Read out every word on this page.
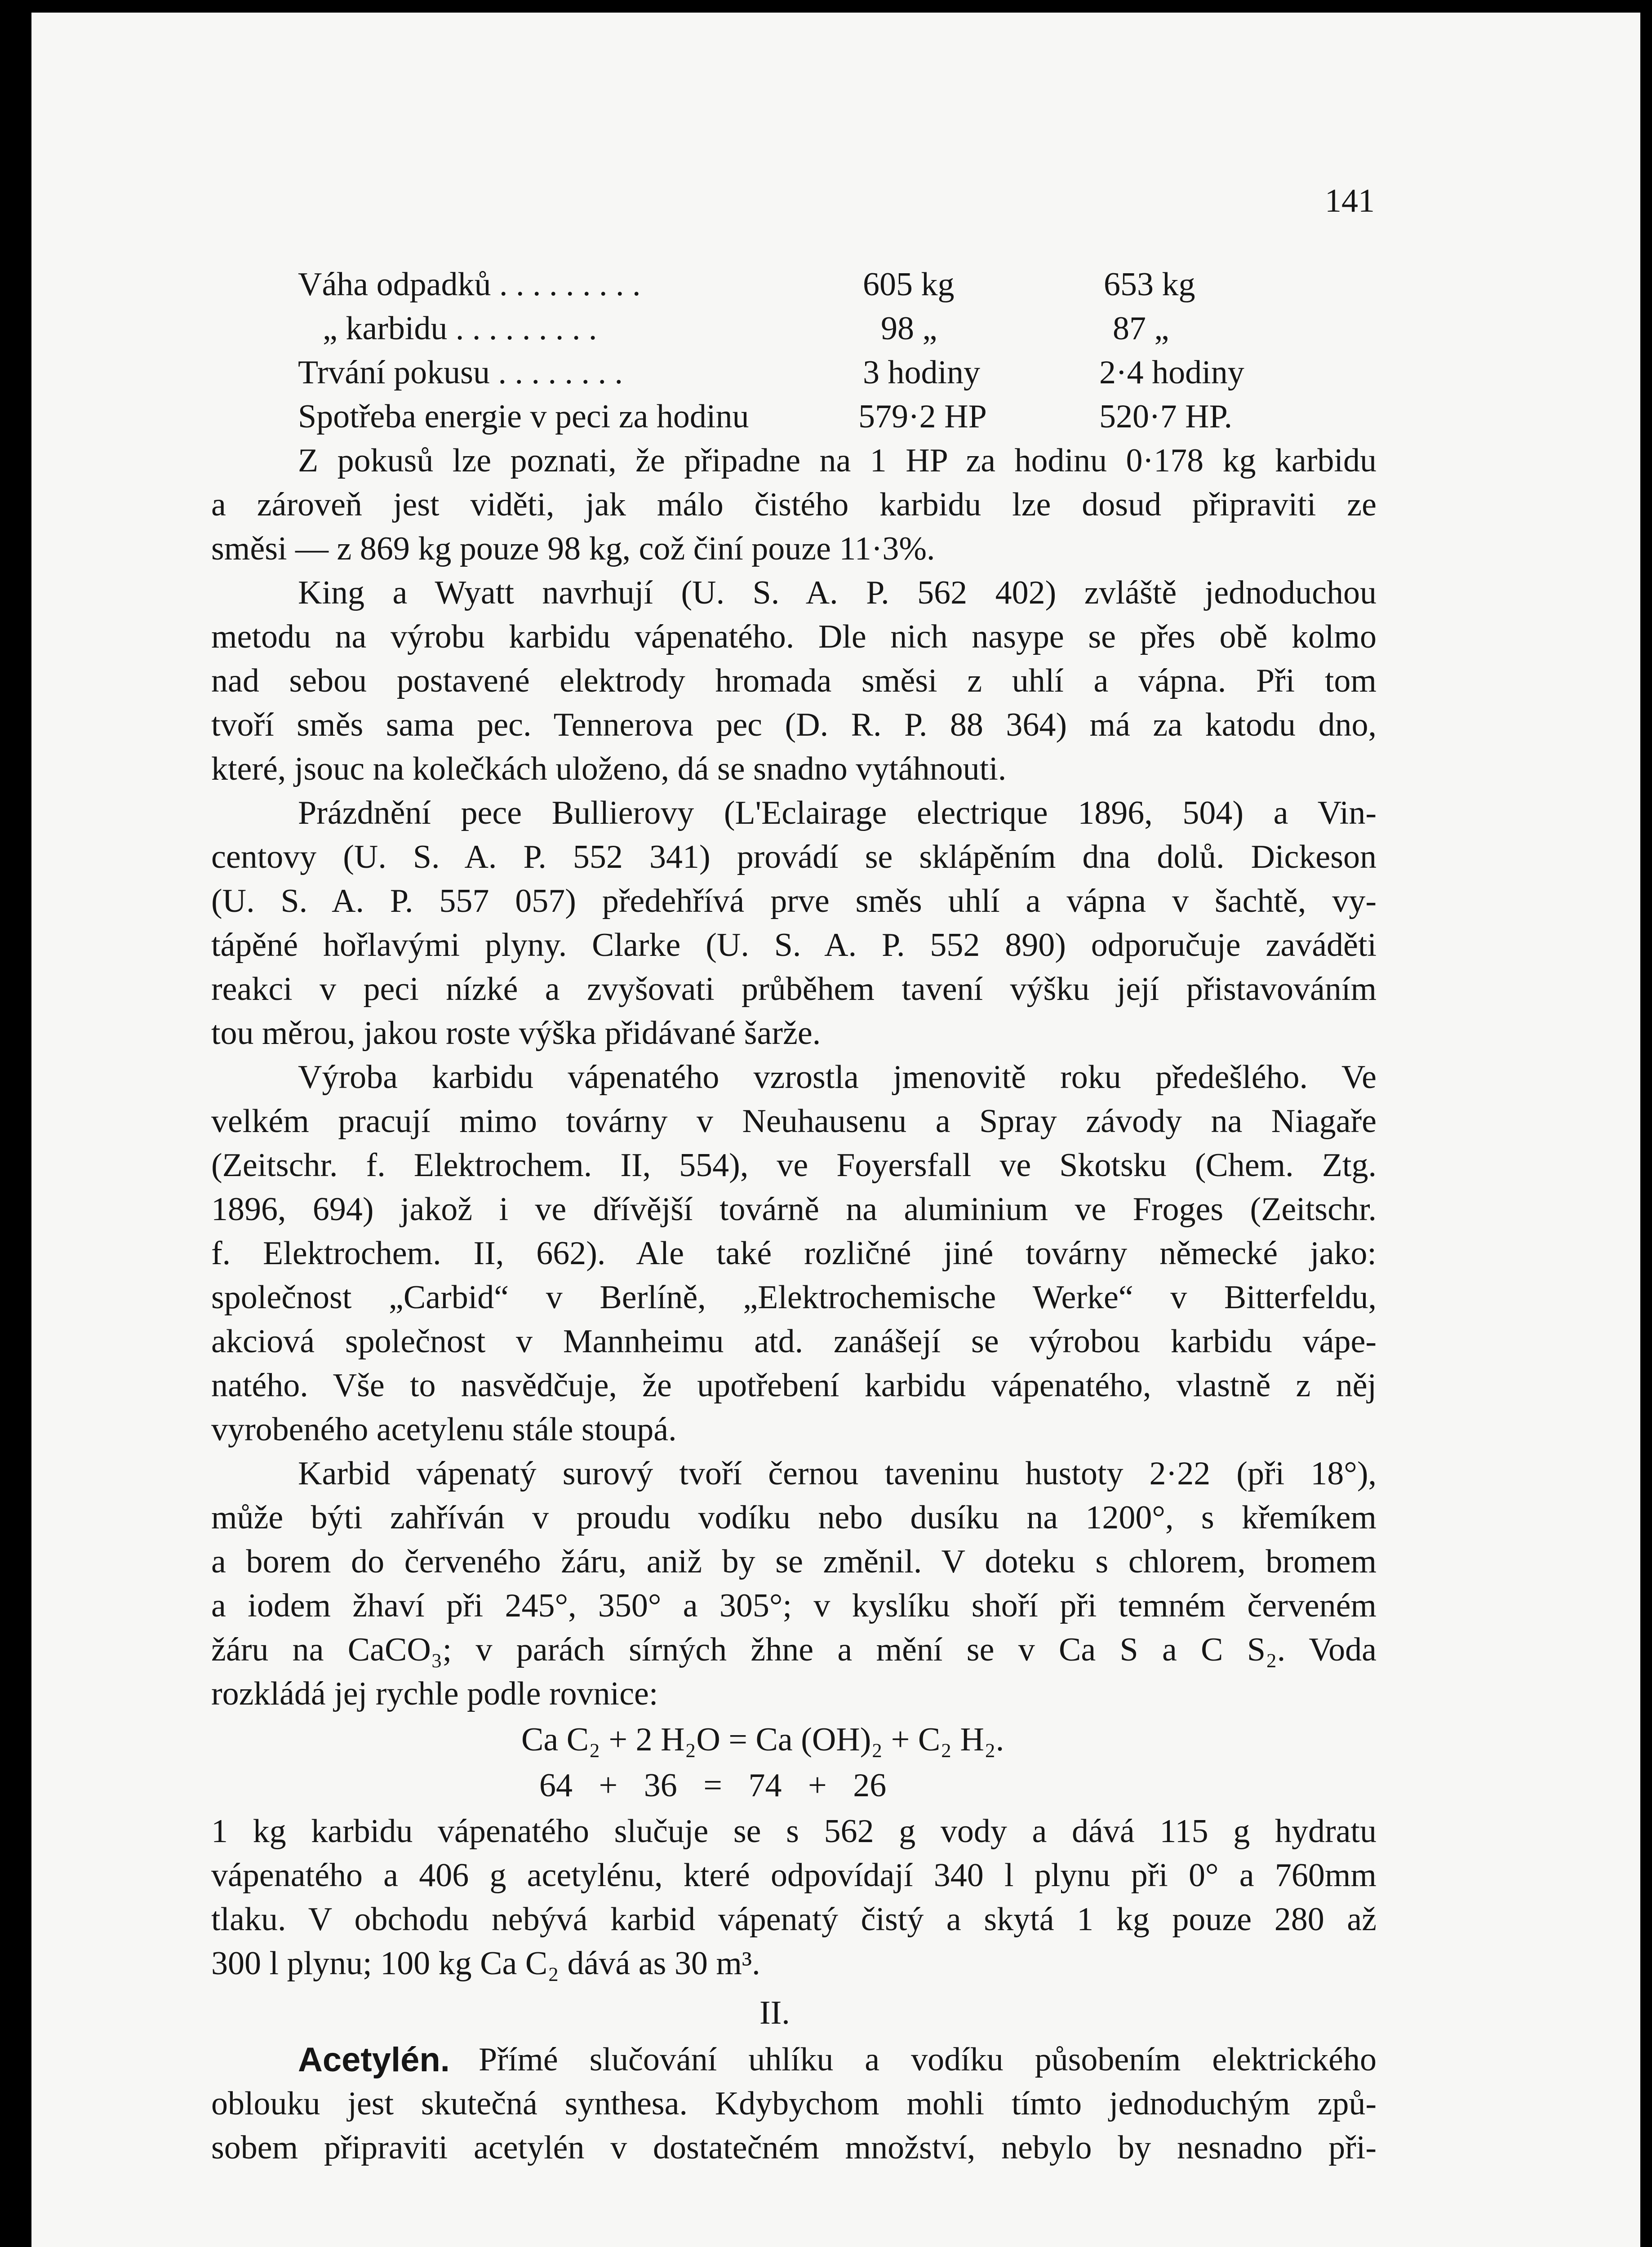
141
Váha odpadků . . . . . . . . .	605 kg	653 kg
„ karbidu . . . . . . . . .	98 „	87 „
Trvání pokusu . . . . . . . .	3 hodiny	2·4 hodiny
Spotřeba energie v peci za hodinu	579·2 HP	520·7 HP.
Z pokusů lze poznati, že připadne na 1 HP za hodinu 0·178 kg karbidu
a zároveň jest viděti, jak málo čistého karbidu lze dosud připraviti ze
směsi — z 869 kg pouze 98 kg, což činí pouze 11·3%.
King a Wyatt navrhují (U. S. A. P. 562 402) zvláště jednoduchou
metodu na výrobu karbidu vápenatého. Dle nich nasype se přes obě kolmo
nad sebou postavené elektrody hromada směsi z uhlí a vápna. Při tom
tvoří směs sama pec. Tennerova pec (D. R. P. 88 364) má za katodu dno,
které, jsouc na kolečkách uloženo, dá se snadno vytáhnouti.
Prázdnění pece Bullierovy (L'Eclairage electrique 1896, 504) a Vin-
centovy (U. S. A. P. 552 341) provádí se sklápěním dna dolů. Dickeson
(U. S. A. P. 557 057) předehřívá prve směs uhlí a vápna v šachtě, vy-
tápěné hořlavými plyny. Clarke (U. S. A. P. 552 890) odporučuje zaváděti
reakci v peci nízké a zvyšovati průběhem tavení výšku její přistavováním
tou měrou, jakou roste výška přidávané šarže.
Výroba karbidu vápenatého vzrostla jmenovitě roku předešlého. Ve
velkém pracují mimo továrny v Neuhausenu a Spray závody na Niagaře
(Zeitschr. f. Elektrochem. II, 554), ve Foyersfall ve Skotsku (Chem. Ztg.
1896, 694) jakož i ve dřívější továrně na aluminium ve Froges (Zeitschr.
f. Elektrochem. II, 662). Ale také rozličné jiné továrny německé jako:
společnost „Carbid“ v Berlíně, „Elektrochemische Werke“ v Bitterfeldu,
akciová společnost v Mannheimu atd. zanášejí se výrobou karbidu vápe-
natého. Vše to nasvědčuje, že upotřebení karbidu vápenatého, vlastně z něj
vyrobeného acetylenu stále stoupá.
Karbid vápenatý surový tvoří černou taveninu hustoty 2·22 (při 18°),
může býti zahříván v proudu vodíku nebo dusíku na 1200°, s křemíkem
a borem do červeného žáru, aniž by se změnil. V doteku s chlorem, bromem
a iodem žhaví při 245°, 350° a 305°; v kyslíku shoří při temném červeném
žáru na CaCO₃; v parách sírných žhne a mění se v Ca S a C S₂. Voda
rozkládá jej rychle podle rovnice:
Ca C₂ + 2 H₂O = Ca (OH)₂ + C₂ H₂.
64 + 36 = 74 + 26
1 kg karbidu vápenatého slučuje se s 562 g vody a dává 115 g hydratu
vápenatého a 406 g acetylénu, které odpovídají 340 l plynu při 0° a 760mm
tlaku. V obchodu nebývá karbid vápenatý čistý a skytá 1 kg pouze 280 až
300 l plynu; 100 kg Ca C₂ dává as 30 m³.
II.
Acetylén. Přímé slučování uhlíku a vodíku působením elektrického
oblouku jest skutečná synthesa. Kdybychom mohli tímto jednoduchým způ-
sobem připraviti acetylén v dostatečném množství, nebylo by nesnadno při-
